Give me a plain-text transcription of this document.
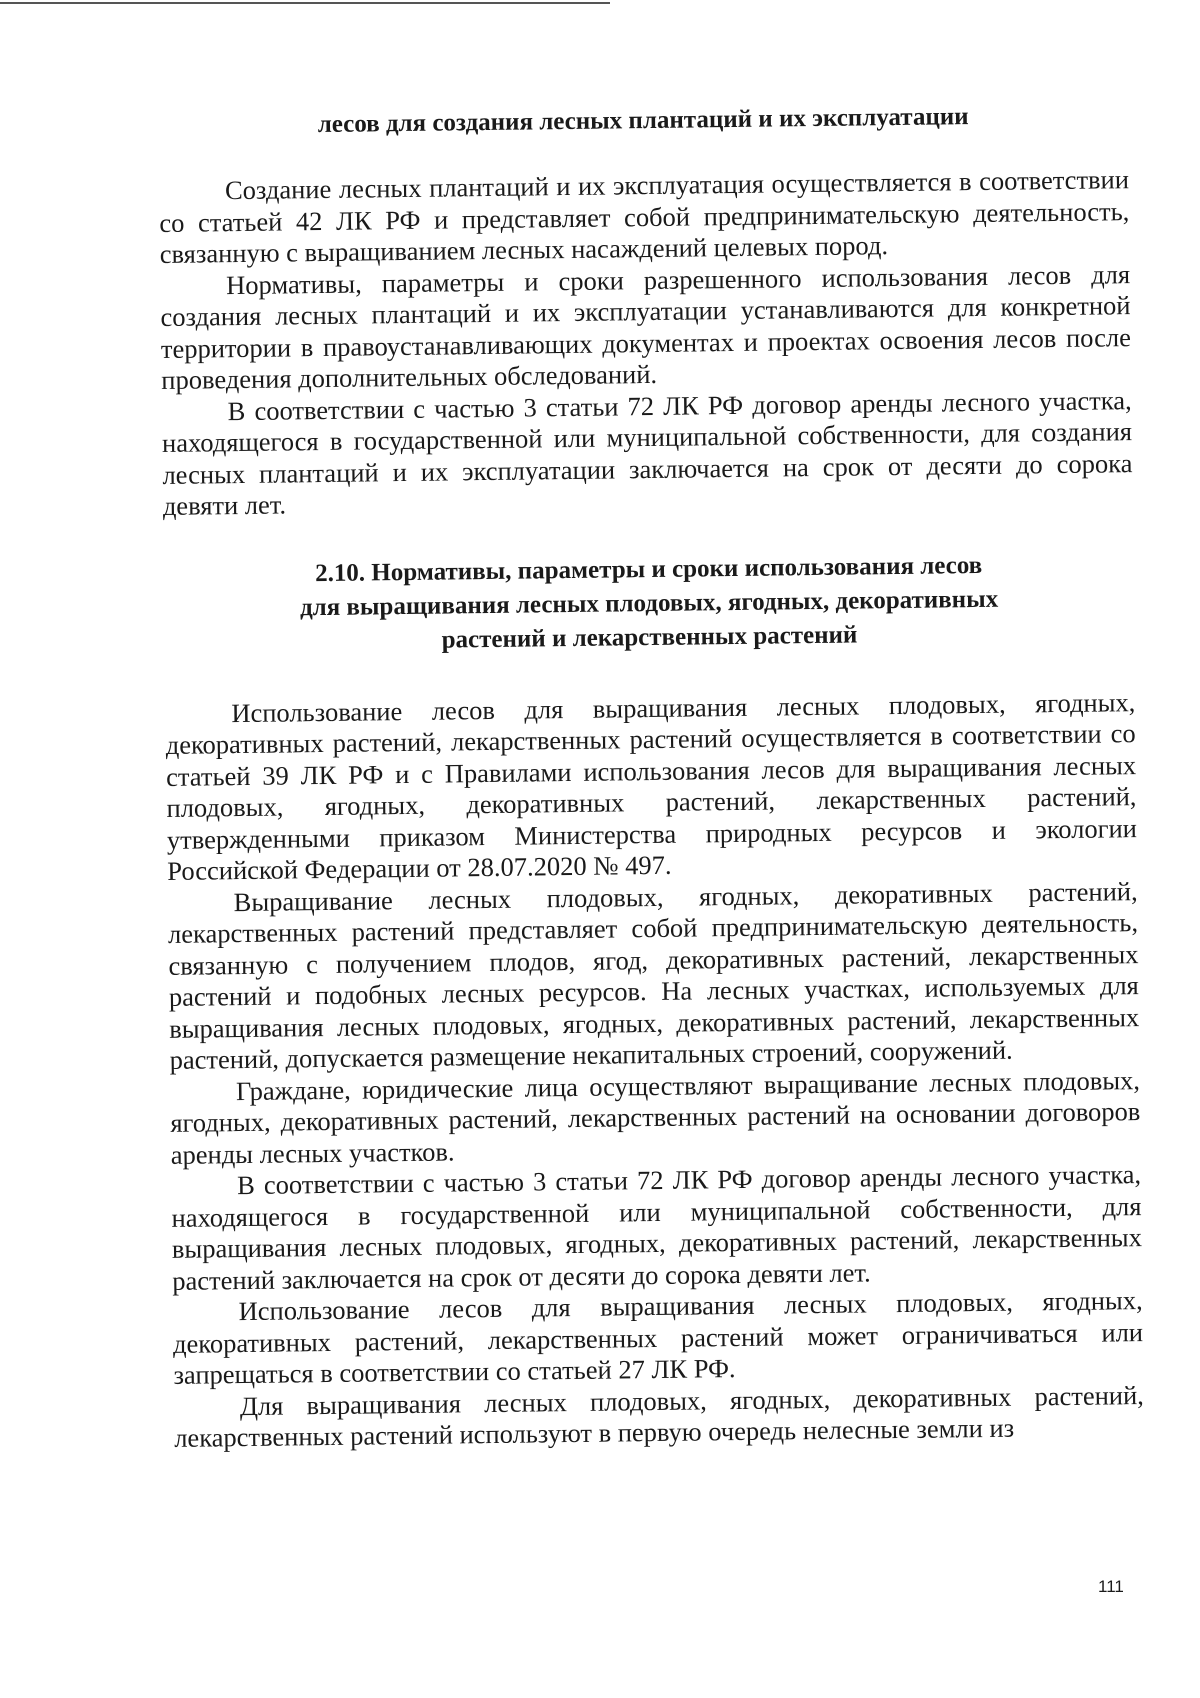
лесов для создания лесных плантаций и их эксплуатации

Создание лесных плантаций и их эксплуатация осуществляется в соответствии со статьей 42 ЛК РФ и представляет собой предпринимательскую деятельность, связанную с выращиванием лесных насаждений целевых пород.

Нормативы, параметры и сроки разрешенного использования лесов для создания лесных плантаций и их эксплуатации устанавливаются для конкретной территории в правоустанавливающих документах и проектах освоения лесов после проведения дополнительных обследований.

В соответствии с частью 3 статьи 72 ЛК РФ договор аренды лесного участка, находящегося в государственной или муниципальной собственности, для создания лесных плантаций и их эксплуатации заключается на срок от десяти до сорока девяти лет.

2.10. Нормативы, параметры и сроки использования лесов
для выращивания лесных плодовых, ягодных, декоративных
растений и лекарственных растений

Использование лесов для выращивания лесных плодовых, ягодных, декоративных растений, лекарственных растений осуществляется в соответствии со статьей 39 ЛК РФ и с Правилами использования лесов для выращивания лесных плодовых, ягодных, декоративных растений, лекарственных растений, утвержденными приказом Министерства природных ресурсов и экологии Российской Федерации от 28.07.2020 № 497.

Выращивание лесных плодовых, ягодных, декоративных растений, лекарственных растений представляет собой предпринимательскую деятельность, связанную с получением плодов, ягод, декоративных растений, лекарственных растений и подобных лесных ресурсов. На лесных участках, используемых для выращивания лесных плодовых, ягодных, декоративных растений, лекарственных растений, допускается размещение некапитальных строений, сооружений.

Граждане, юридические лица осуществляют выращивание лесных плодовых, ягодных, декоративных растений, лекарственных растений на основании договоров аренды лесных участков.

В соответствии с частью 3 статьи 72 ЛК РФ договор аренды лесного участка, находящегося в государственной или муниципальной собственности, для выращивания лесных плодовых, ягодных, декоративных растений, лекарственных растений заключается на срок от десяти до сорока девяти лет.

Использование лесов для выращивания лесных плодовых, ягодных, декоративных растений, лекарственных растений может ограничиваться или запрещаться в соответствии со статьей 27 ЛК РФ.

Для выращивания лесных плодовых, ягодных, декоративных растений, лекарственных растений используют в первую очередь нелесные земли из

111
